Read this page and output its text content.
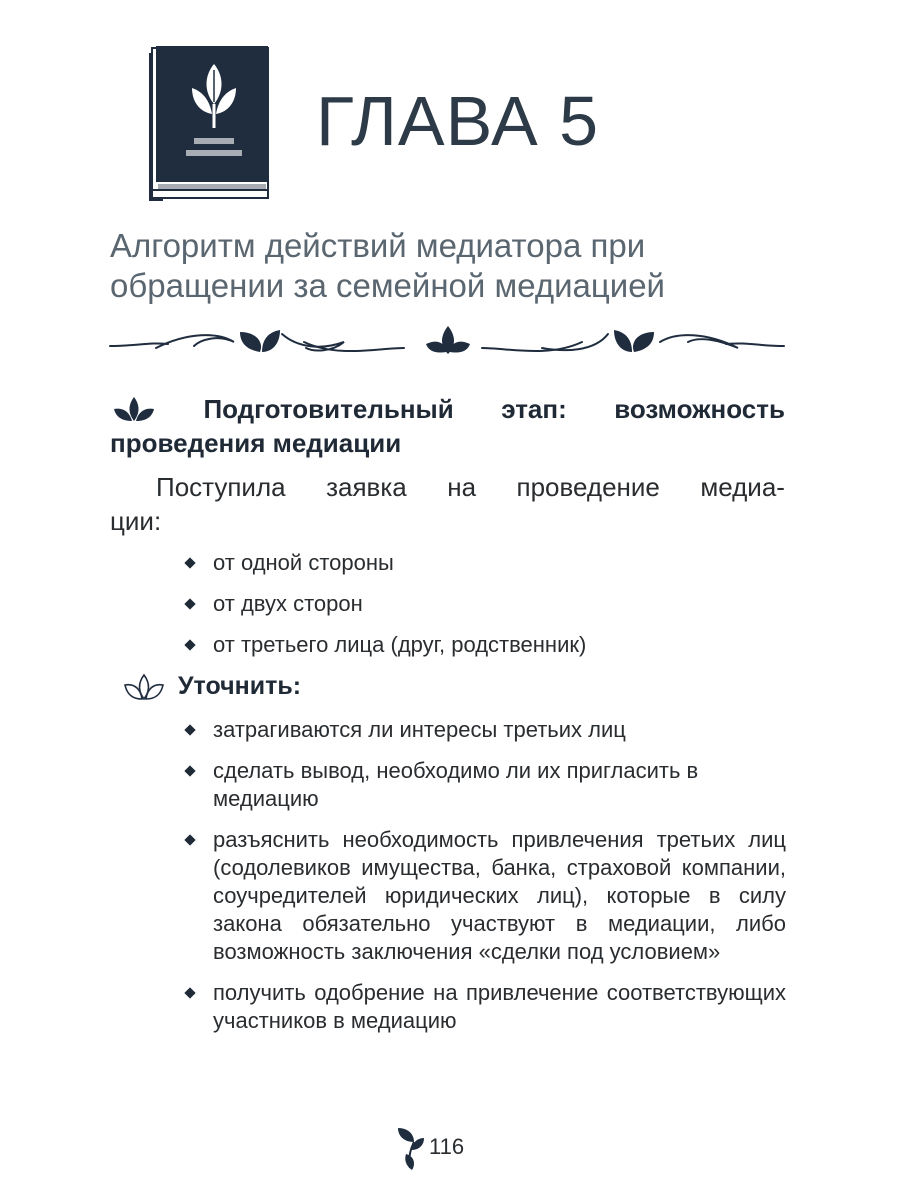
ГЛАВА 5
Алгоритм действий медиатора при
обращении за семейной медиацией
Подготовительный этап: возможность
проведения медиации
Поступила заявка на проведение медиа-
ции:
от одной стороны
от двух сторон
от третьего лица (друг, родственник)
Уточнить:
затрагиваются ли интересы третьих лиц
сделать вывод, необходимо ли их пригласить в медиацию
разъяснить необходимость привлечения третьих лиц (содолевиков имущества, банка, страховой компании, соучредителей юридических лиц), которые в силу закона обязательно участвуют в медиации, либо возможность заключения «сделки под условием»
получить одобрение на привлечение соответствующих участников в медиацию
116
